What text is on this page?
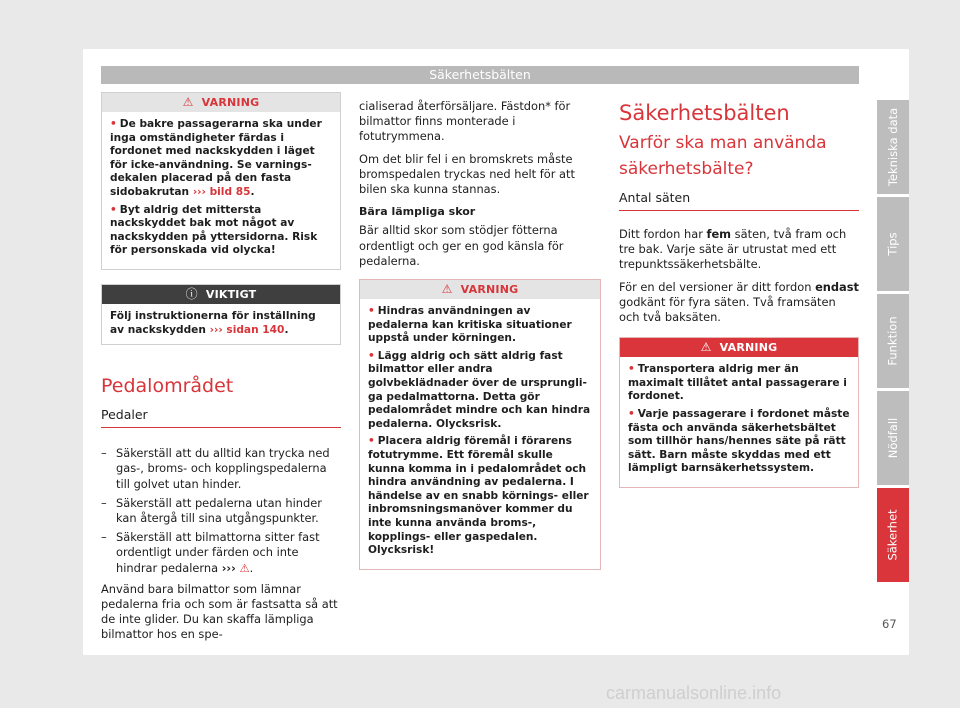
Säkerhetsbälten
⚠ VARNING

• De bakre passagerarna ska under inga omständigheter färdas i fordonet med nackskydden i läget för icke-användning. Se varningsdekalen placerad på den fasta sidobakrutan ››› bild 85.

• Byt aldrig det mittersta nackskyddet bak mot något av nackskydden på yttersidorna. Risk för personskada vid olycka!

ⓘ VIKTIGT
Följ instruktionerna för inställning av nackskydden ››› sidan 140.
Pedalområdet
Pedaler
– Säkerställ att du alltid kan trycka ned gas-, broms- och kopplingspedalerna till golvet utan hinder.
– Säkerställ att pedalerna utan hinder kan återgå till sina utgångspunkter.
– Säkerställ att bilmattorna sitter fast ordentligt under färden och inte hindrar pedalerna ››› ⚠.

Använd bara bilmattor som lämnar pedalerna fria och som är fastsatta så att de inte glider. Du kan skaffa lämpliga bilmattor hos en spe-

cialiserad återförsäljare. Fästdon* för bilmattor finns monterade i fotutrymmena.

Om det blir fel i en bromskrets måste bromspedalen tryckas ned helt för att bilen ska kunna stannas.

Bära lämpliga skor

Bär alltid skor som stödjer fötterna ordentligt och ger en god känsla för pedalerna.

⚠ VARNING

• Hindras användningen av pedalerna kan kritiska situationer uppstå under körningen.

• Lägg aldrig och sätt aldrig fast bilmattor eller andra golvbeklädnader över de ursprungliga pedalmattorna. Detta gör pedalområdet mindre och kan hindra pedalerna. Olycksrisk.

• Placera aldrig föremål i förarens fotutrymme. Ett föremål skulle kunna komma in i pedalområdet och hindra användning av pedalerna. I händelse av en snabb körnings- eller inbromsningsmanöver kommer du inte kunna använda broms-, kopplings- eller gaspedalen. Olycksrisk!

Säkerhetsbälten
Varför ska man använda säkerhetsbälte?
Antal säten

Ditt fordon har fem säten, två fram och tre bak. Varje säte är utrustat med ett trepunktssäkerhetsbälte.

För en del versioner är ditt fordon endast godkänt för fyra säten. Två framsäten och två baksäten.

⚠ VARNING

• Transportera aldrig mer än maximalt tillåtet antal passagerare i fordonet.

• Varje passagerare i fordonet måste fästa och använda säkerhetsbältet som tillhör hans/hennes säte på rätt sätt. Barn måste skyddas med ett lämpligt barnsäkerhetssystem.

Tekniska data
Tips
Funktion
Nödfall
Säkerhet
67
carmanualsonline.info
